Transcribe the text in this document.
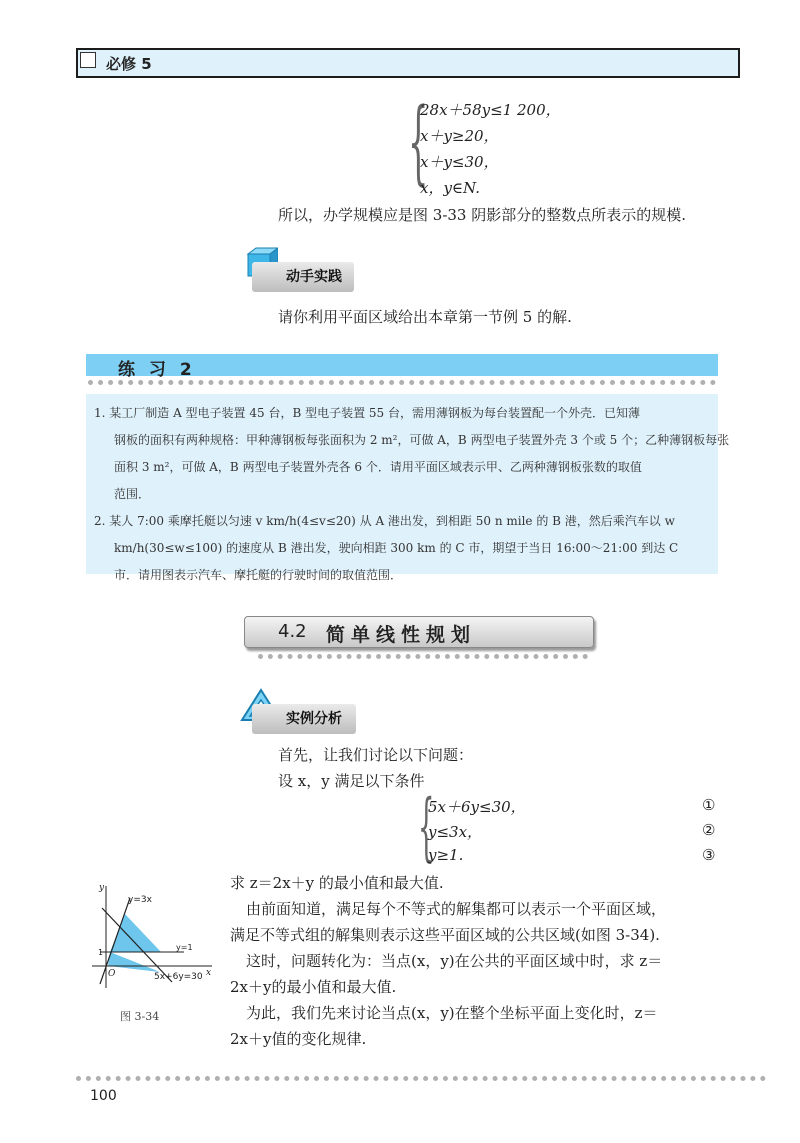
必修 5
{
28x＋58y≤1 200，
x＋y≥20，
x＋y≤30，
x，y∈N.
所以，办学规模应是图 3-33 阴影部分的整数点所表示的规模.
动手实践
请你利用平面区域给出本章第一节例 5 的解.
练 习 2
1. 某工厂制造 A 型电子装置 45 台，B 型电子装置 55 台，需用薄钢板为每台装置配一个外壳．已知薄
钢板的面积有两种规格：甲种薄钢板每张面积为 2 m²，可做 A，B 两型电子装置外壳 3 个或 5 个；乙种薄钢板每张
面积 3 m²，可做 A，B 两型电子装置外壳各 6 个．请用平面区域表示甲、乙两种薄钢板张数的取值
范围．
2. 某人 7:00 乘摩托艇以匀速 v km/h(4≤v≤20) 从 A 港出发，到相距 50 n mile 的 B 港，然后乘汽车以 w
km/h(30≤w≤100) 的速度从 B 港出发，驶向相距 300 km 的 C 市，期望于当日 16:00～21:00 到达 C
市．请用图表示汽车、摩托艇的行驶时间的取值范围．
4.2 简单线性规划
实例分析
首先，让我们讨论以下问题：
设 x，y 满足以下条件
{
5x＋6y≤30，	①
y≤3x，	②
y≥1.	③
求 z＝2x＋y 的最小值和最大值.
由前面知道，满足每个不等式的解集都可以表示一个平面区域，
满足不等式组的解集则表示这些平面区域的公共区域(如图 3-34).
这时，问题转化为：当点(x，y)在公共的平面区域中时，求 z＝
2x＋y的最小值和最大值.
为此，我们先来讨论当点(x，y)在整个坐标平面上变化时，z＝
2x＋y值的变化规律.
y=3x
y=1
5x+6y=30 x
y
O
1
图 3-34
100
